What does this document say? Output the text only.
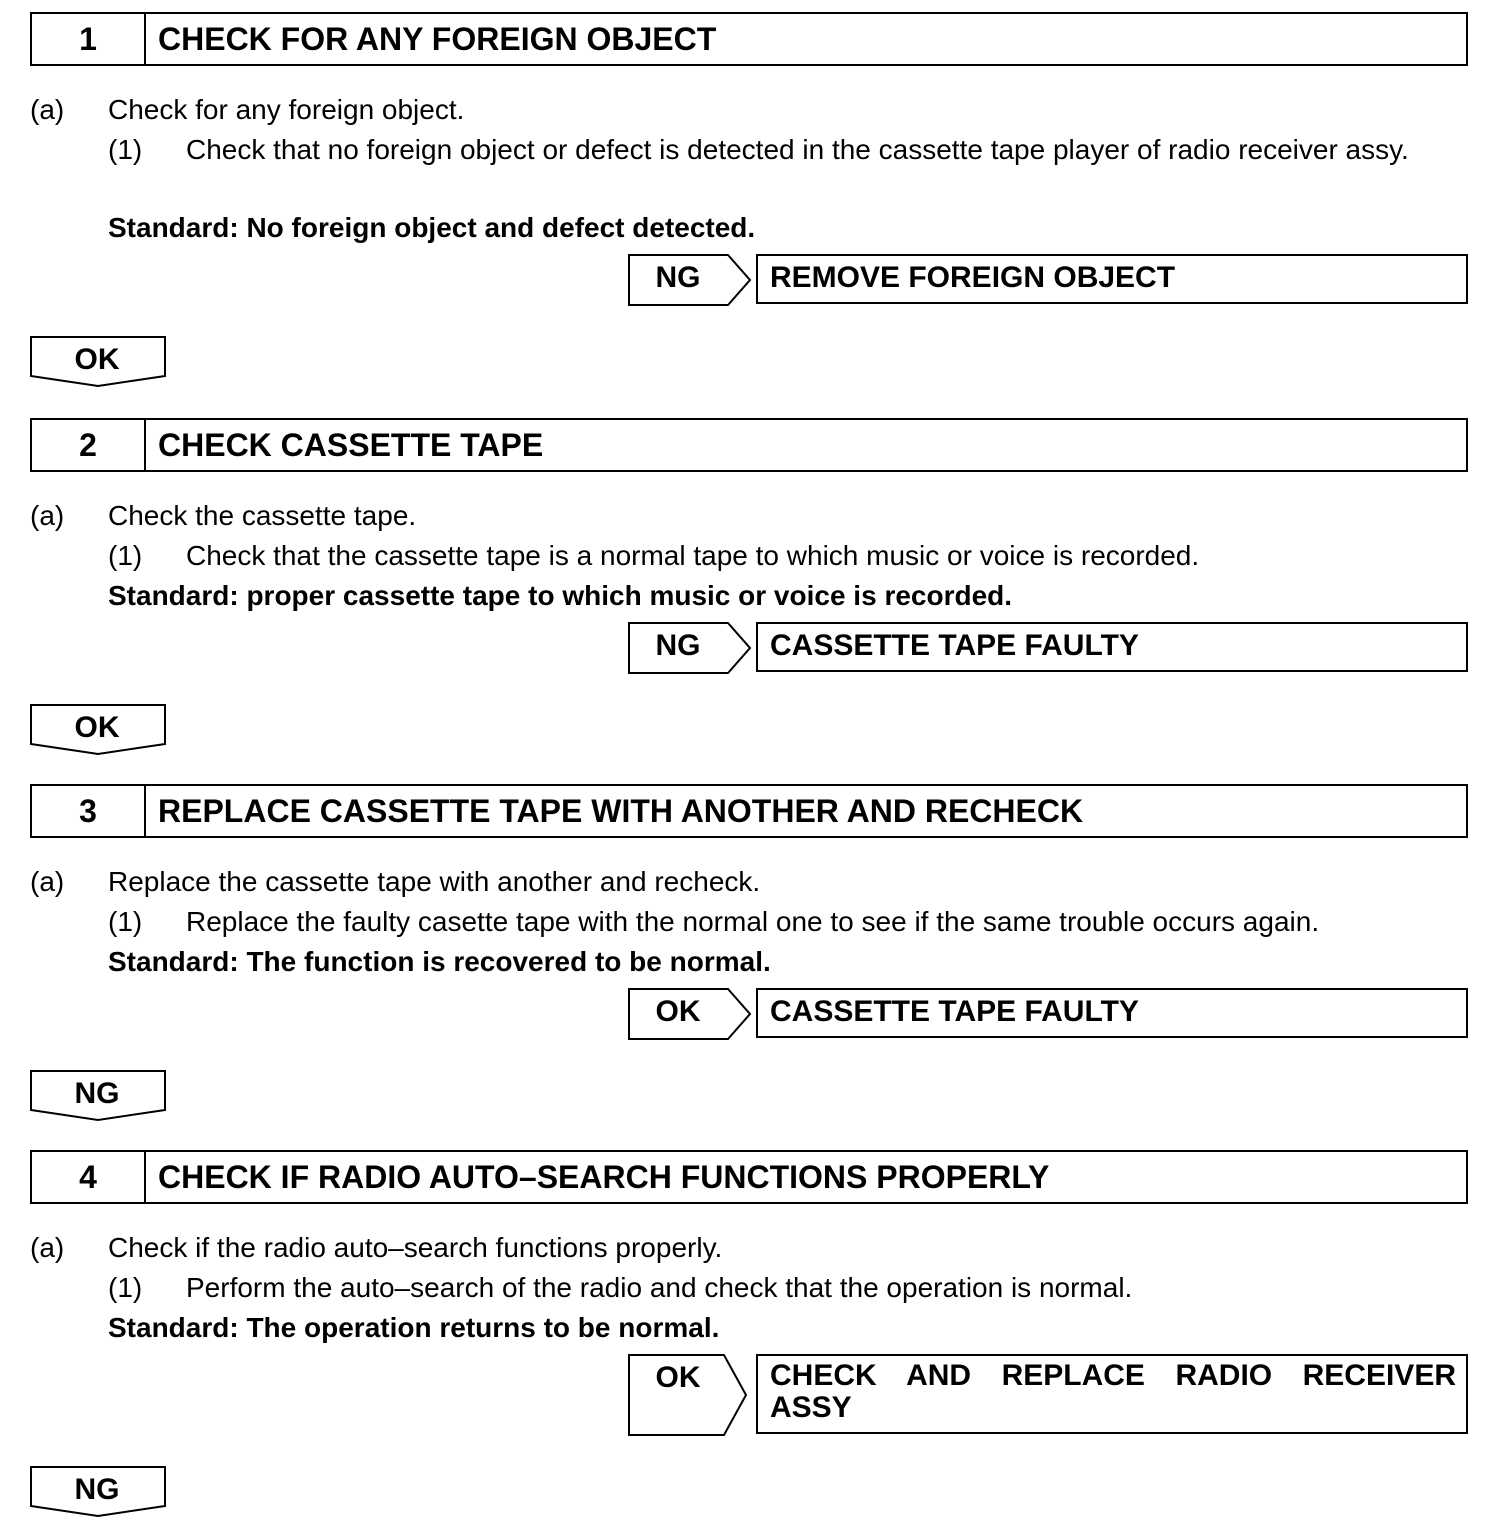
1	CHECK FOR ANY FOREIGN OBJECT
(a) Check for any foreign object.
(1)	Check that no foreign object or defect is detected in the cassette tape player of radio receiver assy.
Standard: No foreign object and defect detected.
NG	REMOVE FOREIGN OBJECT
OK
2	CHECK CASSETTE TAPE
(a) Check the cassette tape.
(1)	Check that the cassette tape is a normal tape to which music or voice is recorded.
Standard: proper cassette tape to which music or voice is recorded.
NG	CASSETTE TAPE FAULTY
OK
3	REPLACE CASSETTE TAPE WITH ANOTHER AND RECHECK
(a) Replace the cassette tape with another and recheck.
(1)	Replace the faulty casette tape with the normal one to see if the same trouble occurs again.
Standard: The function is recovered to be normal.
OK	CASSETTE TAPE FAULTY
NG
4	CHECK IF RADIO AUTO–SEARCH FUNCTIONS PROPERLY
(a) Check if the radio auto–search functions properly.
(1)	Perform the auto–search of the radio and check that the operation is normal.
Standard: The operation returns to be normal.
OK	CHECK AND REPLACE RADIO RECEIVER ASSY
NG
